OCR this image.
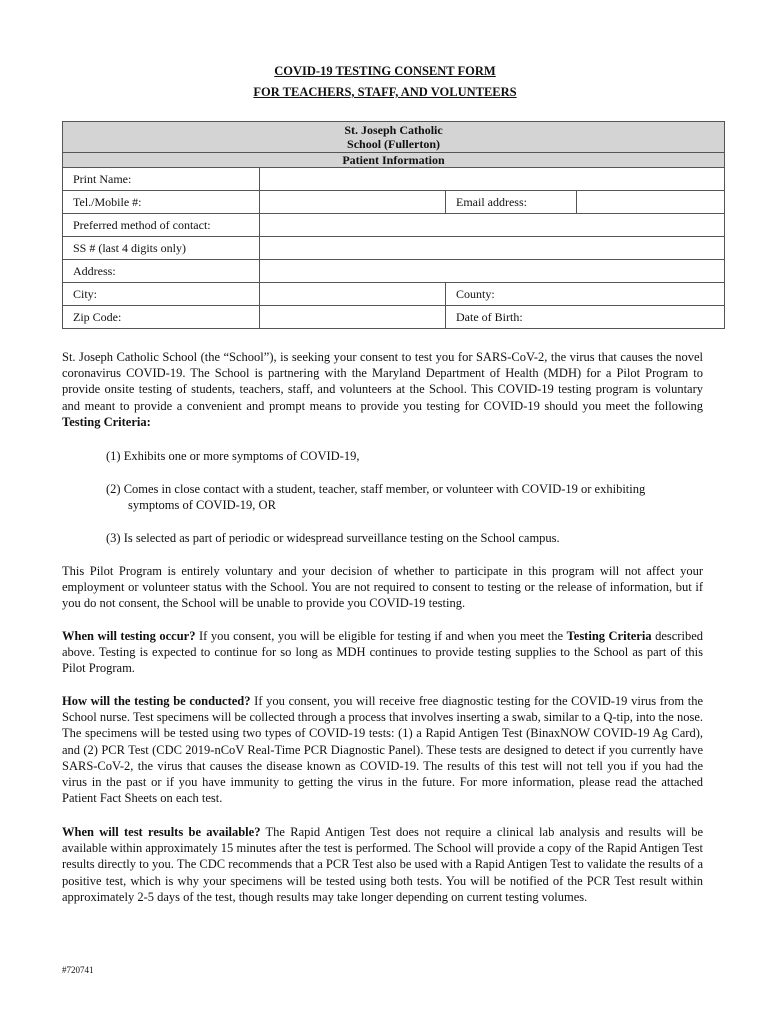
COVID-19 TESTING CONSENT FORM
FOR TEACHERS, STAFF, AND VOLUNTEERS
St. Joseph Catholic
School (Fullerton)			

Patient Information			
Print Name:			
Tel./Mobile #:		Email address:	
Preferred method of contact:			
SS # (last 4 digits only)			
Address:			
City:		County:	
Zip Code:		Date of Birth:	

St. Joseph Catholic School (the “School”), is seeking your consent to test you for SARS-CoV-2, the virus that causes the novel coronavirus COVID-19. The School is partnering with the Maryland Department of Health (MDH) for a Pilot Program to provide onsite testing of students, teachers, staff, and volunteers at the School. This COVID-19 testing program is voluntary and meant to provide a convenient and prompt means to provide you testing for COVID-19 should you meet the following Testing Criteria:

(1) Exhibits one or more symptoms of COVID-19,

(2) Comes in close contact with a student, teacher, staff member, or volunteer with COVID-19 or exhibiting
symptoms of COVID-19, OR

(3) Is selected as part of periodic or widespread surveillance testing on the School campus.

This Pilot Program is entirely voluntary and your decision of whether to participate in this program will not affect your employment or volunteer status with the School. You are not required to consent to testing or the release of information, but if you do not consent, the School will be unable to provide you COVID-19 testing.

When will testing occur? If you consent, you will be eligible for testing if and when you meet the Testing Criteria described above. Testing is expected to continue for so long as MDH continues to provide testing supplies to the School as part of this Pilot Program.

How will the testing be conducted? If you consent, you will receive free diagnostic testing for the COVID-19 virus from the School nurse. Test specimens will be collected through a process that involves inserting a swab, similar to a Q-tip, into the nose. The specimens will be tested using two types of COVID-19 tests: (1) a Rapid Antigen Test (BinaxNOW COVID-19 Ag Card), and (2) PCR Test (CDC 2019-nCoV Real-Time PCR Diagnostic Panel). These tests are designed to detect if you currently have SARS-CoV-2, the virus that causes the disease known as COVID-19. The results of this test will not tell you if you had the virus in the past or if you have immunity to getting the virus in the future. For more information, please read the attached Patient Fact Sheets on each test.

When will test results be available? The Rapid Antigen Test does not require a clinical lab analysis and results will be available within approximately 15 minutes after the test is performed. The School will provide a copy of the Rapid Antigen Test results directly to you. The CDC recommends that a PCR Test also be used with a Rapid Antigen Test to validate the results of a positive test, which is why your specimens will be tested using both tests. You will be notified of the PCR Test result within approximately 2-5 days of the test, though results may take longer depending on current testing volumes.

#720741
